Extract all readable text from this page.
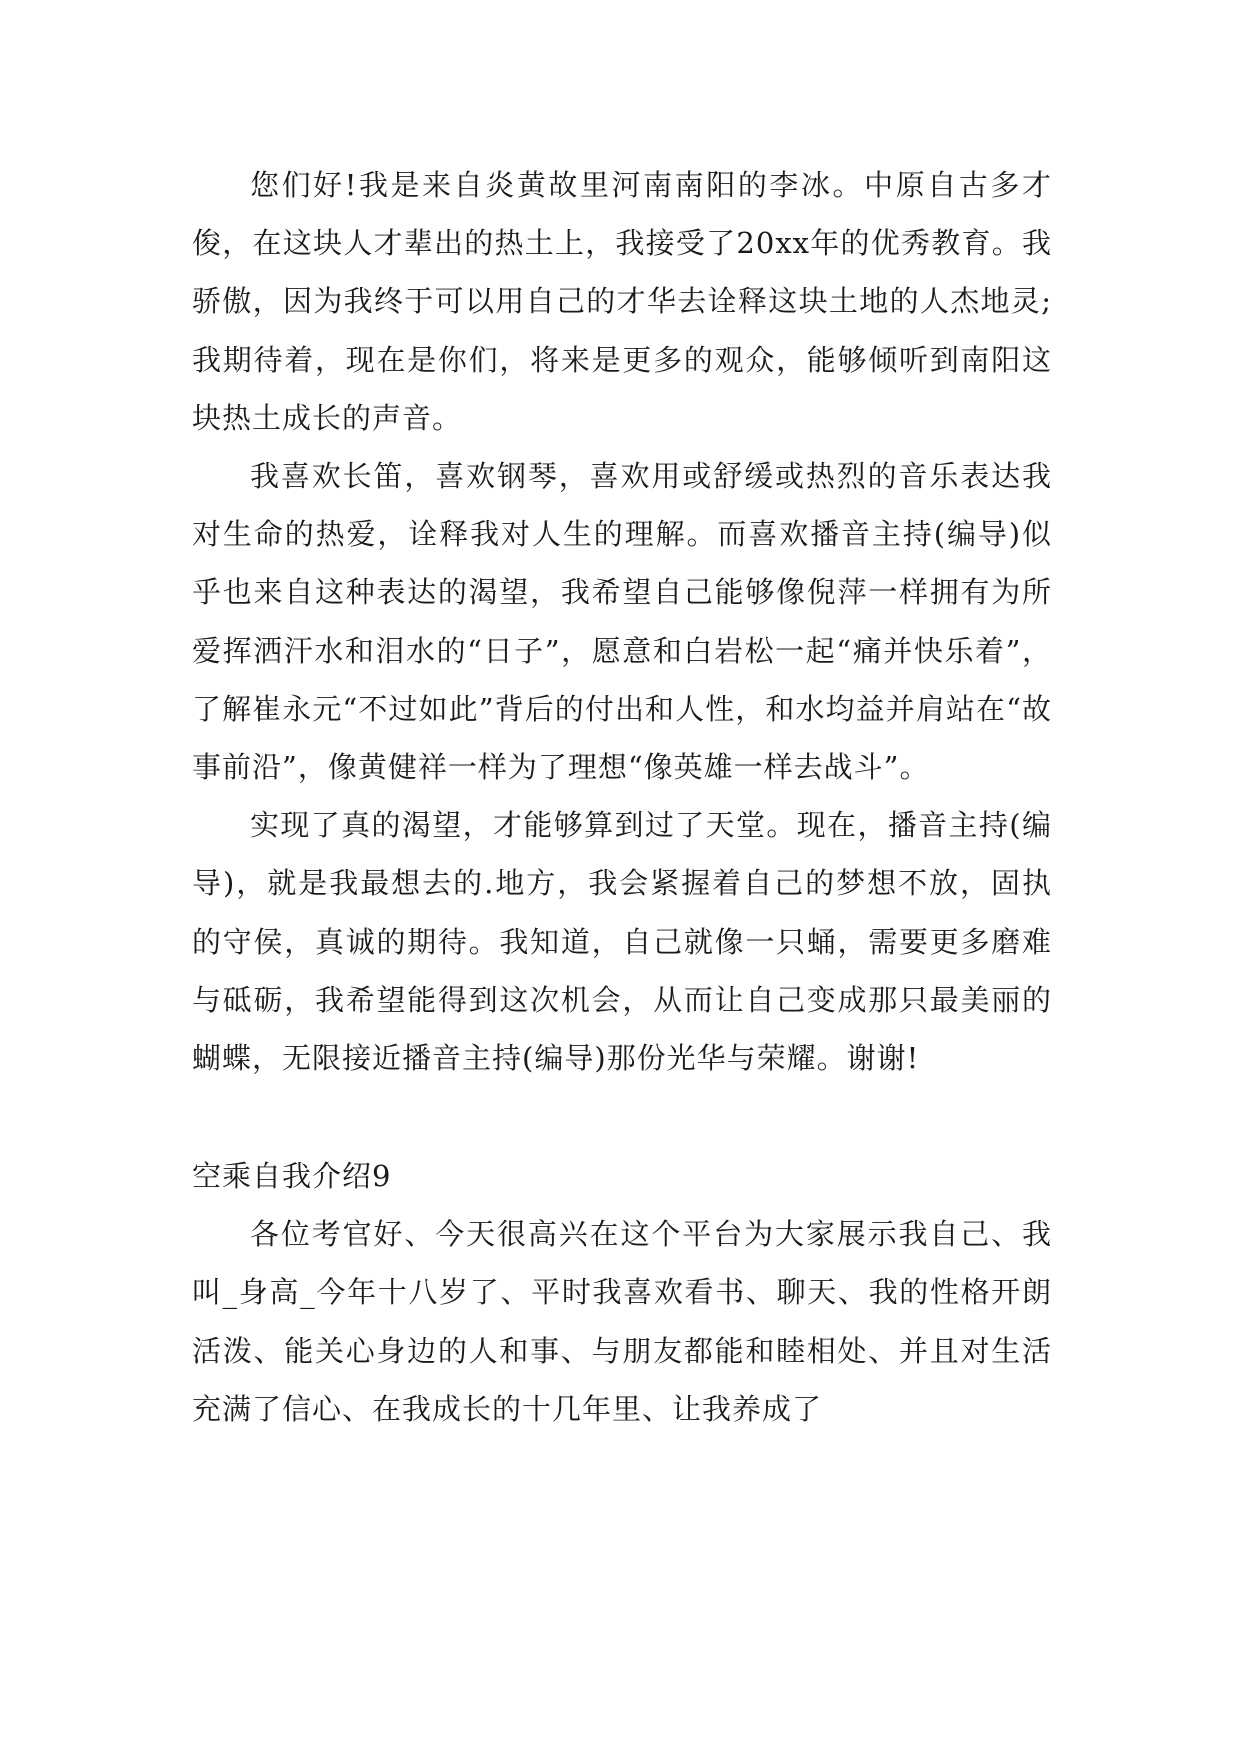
您们好!我是来自炎黄故里河南南阳的李冰。中原自古多才俊，在这块人才辈出的热土上，我接受了20xx年的优秀教育。我骄傲，因为我终于可以用自己的才华去诠释这块土地的人杰地灵;我期待着，现在是你们，将来是更多的观众，能够倾听到南阳这块热土成长的声音。

我喜欢长笛，喜欢钢琴，喜欢用或舒缓或热烈的音乐表达我对生命的热爱，诠释我对人生的理解。而喜欢播音主持(编导)似乎也来自这种表达的渴望，我希望自己能够像倪萍一样拥有为所爱挥洒汗水和泪水的“日子”，愿意和白岩松一起“痛并快乐着”，了解崔永元“不过如此”背后的付出和人性，和水均益并肩站在“故事前沿”，像黄健祥一样为了理想“像英雄一样去战斗”。

实现了真的渴望，才能够算到过了天堂。现在，播音主持(编导)，就是我最想去的.地方，我会紧握着自己的梦想不放，固执的守侯，真诚的期待。我知道，自己就像一只蛹，需要更多磨难与砥砺，我希望能得到这次机会，从而让自己变成那只最美丽的蝴蝶，无限接近播音主持(编导)那份光华与荣耀。谢谢!

空乘自我介绍9

各位考官好、今天很高兴在这个平台为大家展示我自己、我叫_身高_今年十八岁了、平时我喜欢看书、聊天、我的性格开朗活泼、能关心身边的人和事、与朋友都能和睦相处、并且对生活充满了信心、在我成长的十几年里、让我养成了
